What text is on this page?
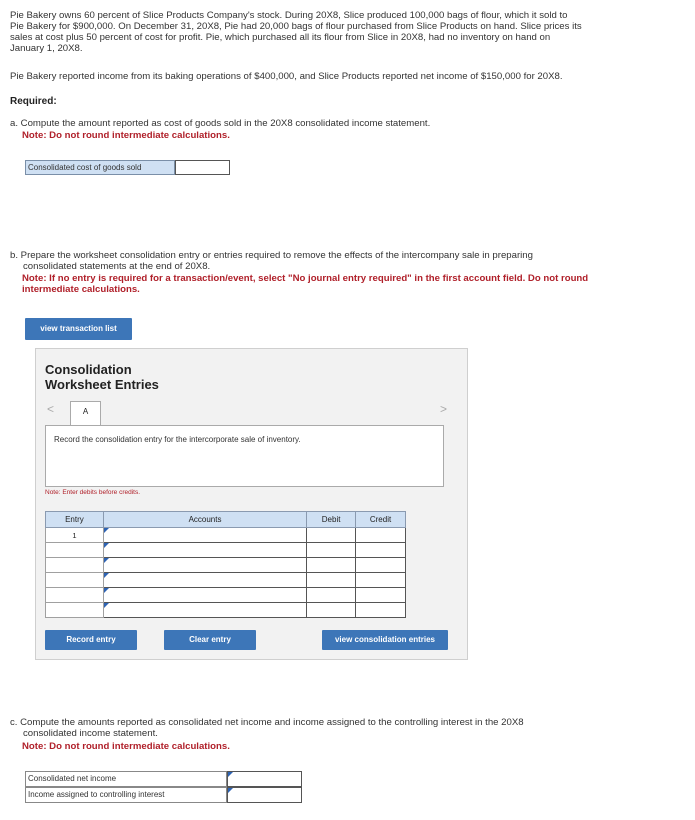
Pie Bakery owns 60 percent of Slice Products Company's stock. During 20X8, Slice produced 100,000 bags of flour, which it sold to
Pie Bakery for $900,000. On December 31, 20X8, Pie had 20,000 bags of flour purchased from Slice Products on hand. Slice prices its
sales at cost plus 50 percent of cost for profit. Pie, which purchased all its flour from Slice in 20X8, had no inventory on hand on
January 1, 20X8.
Pie Bakery reported income from its baking operations of $400,000, and Slice Products reported net income of $150,000 for 20X8.
Required:
a. Compute the amount reported as cost of goods sold in the 20X8 consolidated income statement.
Note: Do not round intermediate calculations.
Consolidated cost of goods sold
b. Prepare the worksheet consolidation entry or entries required to remove the effects of the intercompany sale in preparing
consolidated statements at the end of 20X8.
Note: If no entry is required for a transaction/event, select "No journal entry required" in the first account field. Do not round
intermediate calculations.
view transaction list
Consolidation
Worksheet Entries
<	A	>
Record the consolidation entry for the intercorporate sale of inventory.
Note: Enter debits before credits.
Entry	Accounts	Debit	Credit
1	

Record entry	Clear entry	view consolidation entries
c. Compute the amounts reported as consolidated net income and income assigned to the controlling interest in the 20X8
consolidated income statement.
Note: Do not round intermediate calculations.
Consolidated net income
Income assigned to controlling interest
